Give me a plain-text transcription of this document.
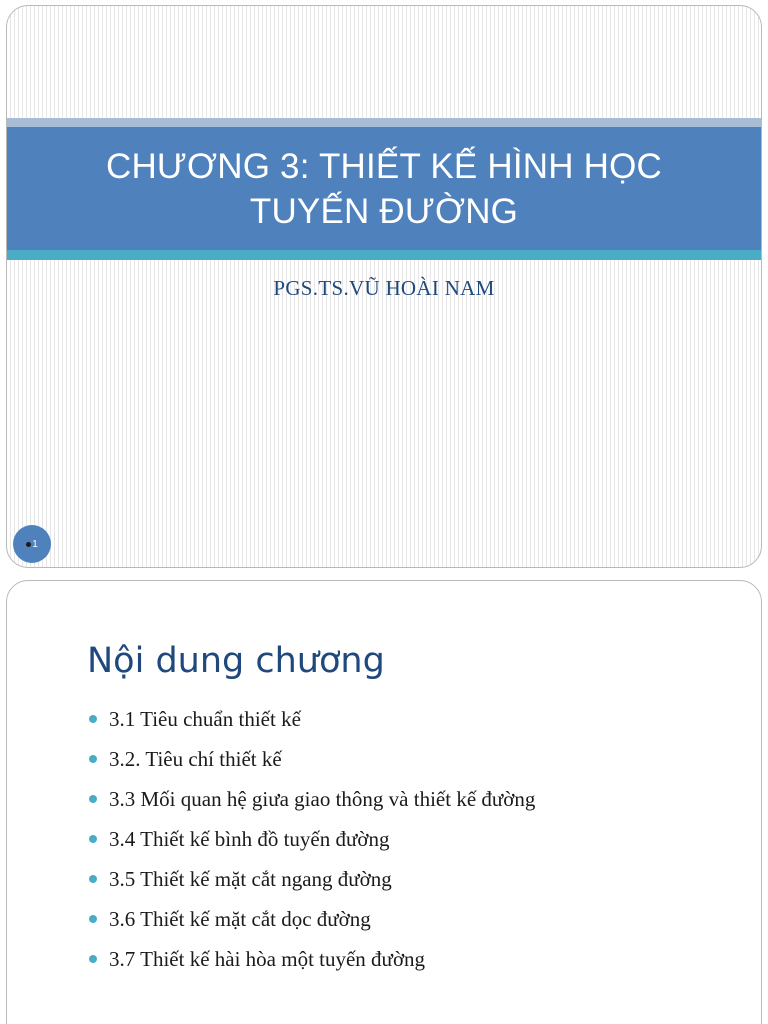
CHƯƠNG 3: THIẾT KẾ HÌNH HỌC
TUYẾN ĐƯỜNG
PGS.TS.VŨ HOÀI NAM
1
Nội dung chương
3.1 Tiêu chuẩn thiết kế
3.2. Tiêu chí thiết kế
3.3 Mối quan hệ giưa giao thông và thiết kế đường
3.4 Thiết kế bình đồ tuyến đường
3.5 Thiết kế mặt cắt ngang đường
3.6 Thiết kế mặt cắt dọc đường
3.7 Thiết kế hài hòa một tuyến đường
